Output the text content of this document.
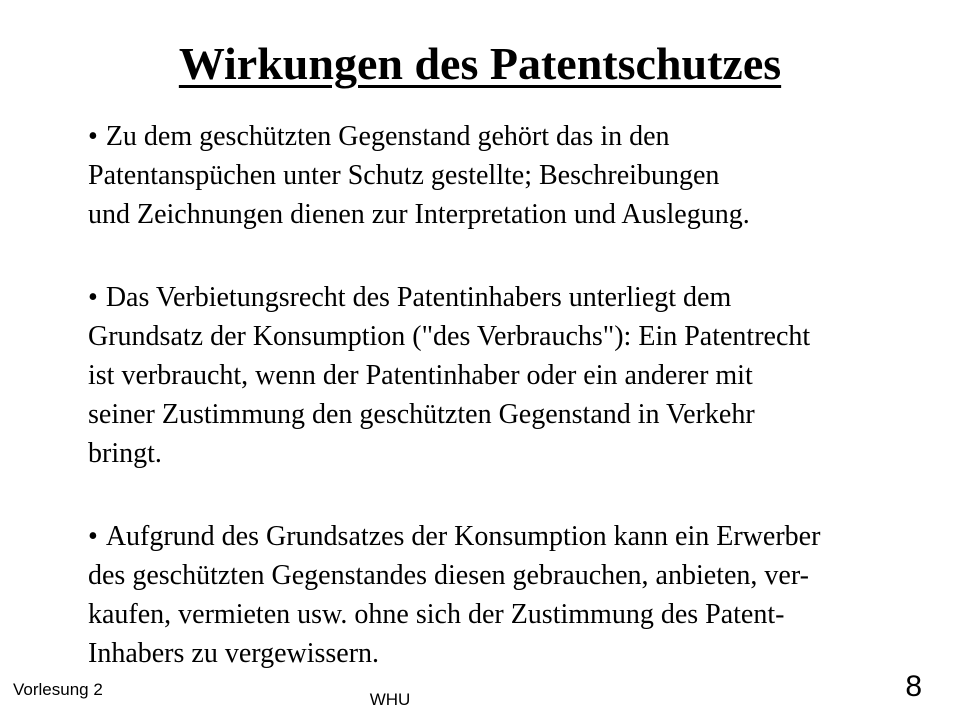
Wirkungen des Patentschutzes
• Zu dem geschützten Gegenstand gehört das in den
Patentanspüchen unter Schutz gestellte; Beschreibungen
und Zeichnungen dienen zur Interpretation und Auslegung.
• Das Verbietungsrecht des Patentinhabers unterliegt dem
Grundsatz der Konsumption ("des Verbrauchs"): Ein Patentrecht
ist verbraucht, wenn der Patentinhaber oder ein anderer mit
seiner Zustimmung den geschützten Gegenstand in Verkehr
bringt.
• Aufgrund des Grundsatzes der Konsumption kann ein Erwerber
des geschützten Gegenstandes diesen gebrauchen, anbieten, ver-
kaufen, vermieten usw. ohne sich der Zustimmung des Patent-
Inhabers zu vergewissern.
Vorlesung 2
WHU	8
